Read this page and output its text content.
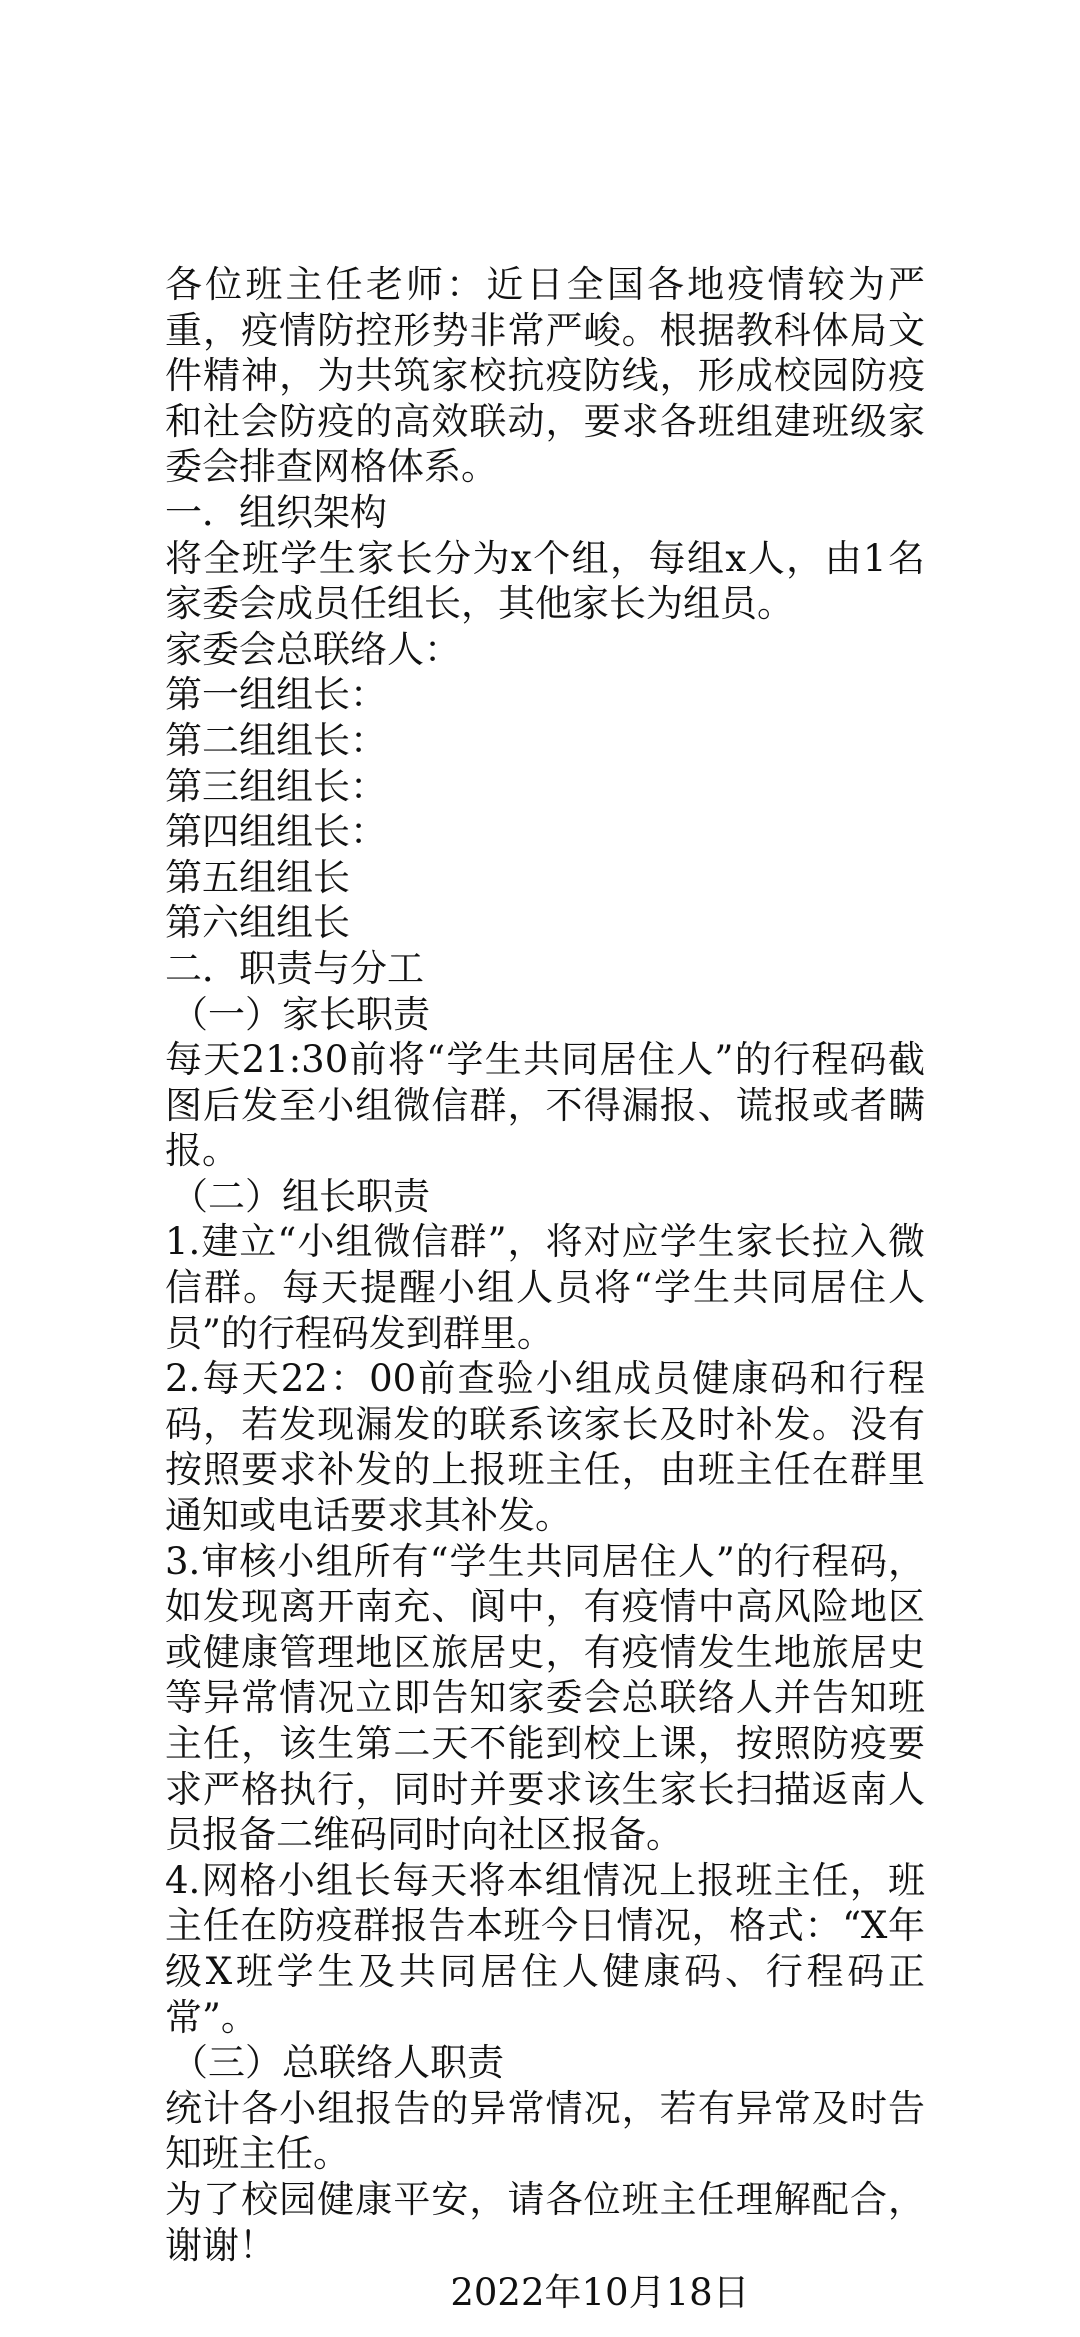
各位班主任老师：近日全国各地疫情较为严重，疫情防控形势非常严峻。根据教科体局文件精神，为共筑家校抗疫防线，形成校园防疫和社会防疫的高效联动，要求各班组建班级家委会排查网格体系。

一．组织架构

将全班学生家长分为x个组，每组x人，由1名家委会成员任组长，其他家长为组员。

家委会总联络人：

第一组组长：

第二组组长：

第三组组长：

第四组组长：

第五组组长

第六组组长

二．职责与分工

（一）家长职责

每天21:30前将“学生共同居住人”的行程码截图后发至小组微信群，不得漏报、谎报或者瞒报。

（二）组长职责

1.建立“小组微信群”，将对应学生家长拉入微信群。每天提醒小组人员将“学生共同居住人员”的行程码发到群里。

2.每天22：00前查验小组成员健康码和行程码，若发现漏发的联系该家长及时补发。没有按照要求补发的上报班主任，由班主任在群里通知或电话要求其补发。

3.审核小组所有“学生共同居住人”的行程码，如发现离开南充、阆中，有疫情中高风险地区或健康管理地区旅居史，有疫情发生地旅居史等异常情况立即告知家委会总联络人并告知班主任，该生第二天不能到校上课，按照防疫要求严格执行，同时并要求该生家长扫描返南人员报备二维码同时向社区报备。

4.网格小组长每天将本组情况上报班主任，班主任在防疫群报告本班今日情况，格式：“X年级X班学生及共同居住人健康码、行程码正常”。

（三）总联络人职责

统计各小组报告的异常情况，若有异常及时告知班主任。

为了校园健康平安，请各位班主任理解配合，谢谢！

2022年10月18日
